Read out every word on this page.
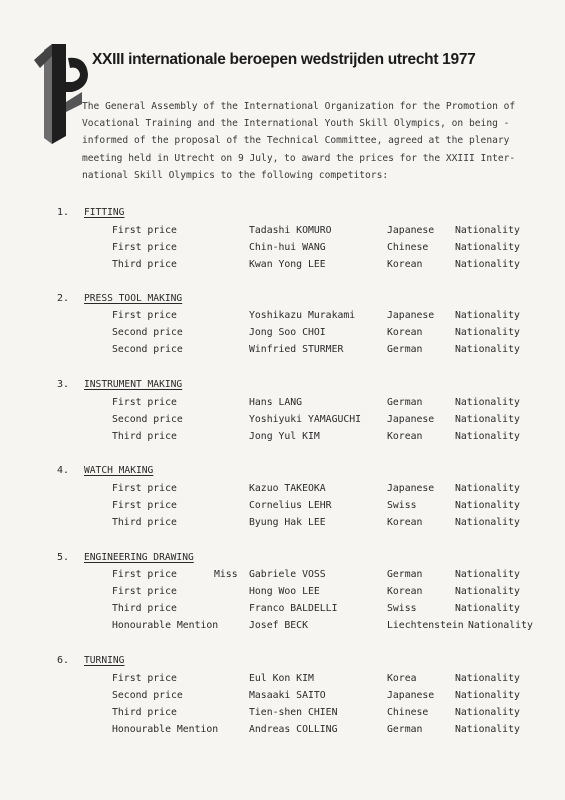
XXIII internationale beroepen wedstrijden utrecht 1977
The General Assembly of the International Organization for the Promotion of
Vocational Training and the International Youth Skill Olympics, on being -
informed of the proposal of the Technical Committee, agreed at the plenary
meeting held in Utrecht on 9 July, to award the prices for the XXIII Inter-
national Skill Olympics to the following competitors:
1. FITTING
First price	Tadashi KOMURO	Japanese Nationality
First price	Chin-hui WANG	Chinese	Nationality
Third price	Kwan Yong LEE	Korean	Nationality
2. PRESS TOOL MAKING
First price	Yoshikazu Murakami	Japanese Nationality
Second price	Jong Soo CHOI	Korean	Nationality
Second price	Winfried STURMER	German	Nationality
3. INSTRUMENT MAKING
First price	Hans LANG	German	Nationality
Second price	Yoshiyuki YAMAGUCHI	Japanese Nationality
Third price	Jong Yul KIM	Korean	Nationality
4. WATCH MAKING
First price	Kazuo TAKEOKA	Japanese Nationality
First price	Cornelius LEHR	Swiss	Nationality
Third price	Byung Hak LEE	Korean	Nationality
5. ENGINEERING DRAWING
First price	Miss Gabriele VOSS	German	Nationality
First price	Hong Woo LEE	Korean	Nationality
Third price	Franco BALDELLI	Swiss	Nationality
Honourable Mention	Josef BECK	Liechtenstein Nationality
6. TURNING
First price	Eul Kon KIM	Korea	Nationality
Second price	Masaaki SAITO	Japanese Nationality
Third price	Tien-shen CHIEN	Chinese	Nationality
Honourable Mention	Andreas COLLING	German	Nationality
